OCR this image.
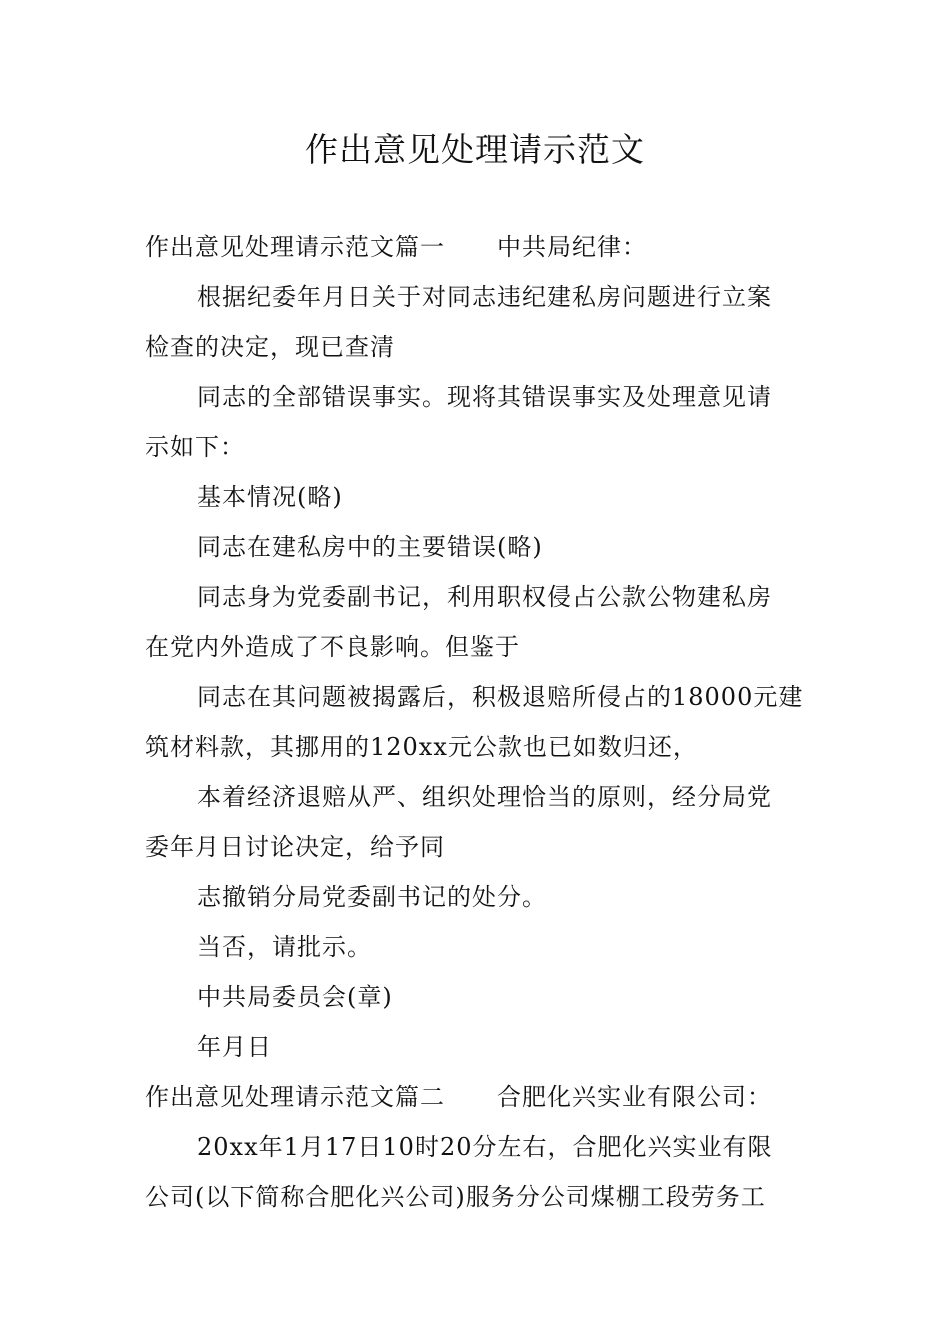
作出意见处理请示范文
作出意见处理请示范文篇一 中共局纪律：
根据纪委年月日关于对同志违纪建私房问题进行立案
检查的决定，现已查清
同志的全部错误事实。现将其错误事实及处理意见请
示如下：
基本情况(略)
同志在建私房中的主要错误(略)
同志身为党委副书记，利用职权侵占公款公物建私房
在党内外造成了不良影响。但鉴于
同志在其问题被揭露后，积极退赔所侵占的18000元建
筑材料款，其挪用的120xx元公款也已如数归还，
本着经济退赔从严、组织处理恰当的原则，经分局党
委年月日讨论决定，给予同
志撤销分局党委副书记的处分。
当否，请批示。
中共局委员会(章)
年月日
作出意见处理请示范文篇二 合肥化兴实业有限公司：
20xx年1月17日10时20分左右，合肥化兴实业有限
公司(以下简称合肥化兴公司)服务分公司煤棚工段劳务工
